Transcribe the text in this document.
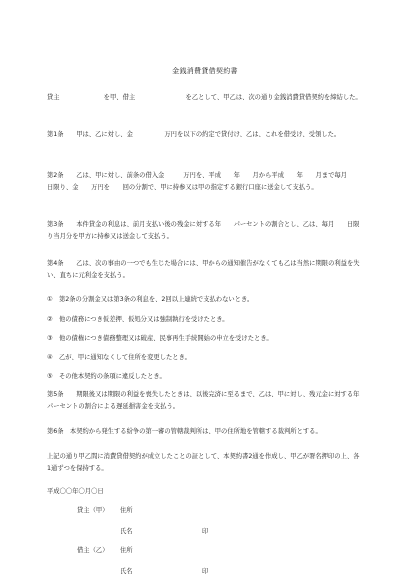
金銭消費貸借契約書
貸主　　　　　　　を甲、借主　　　　　　　　を乙として、甲乙は、次の通り金銭消費貸借契約を締結した。
第1条　　甲は、乙に対し、金　　　　　万円を以下の約定で貸付け、乙は、これを借受け、受領した。
第2条　　乙は、甲に対し、前条の借入金　　　万円を、平成　　年　　月から平成　　年　　月まで毎月　　日限り、金　　万円を　　回の分割で、甲に持参又は甲の指定する銀行口座に送金して支払う。
第3条　　本件貸金の利息は、前月支払い後の残金に対する年　　パーセントの割合とし、乙は、毎月　　日限り当月分を甲方に持参又は送金して支払う。
第4条　　乙は、次の事由の一つでも生じた場合には、甲からの通知催告がなくても乙は当然に期限の利益を失い、直ちに元利金を支払う。
①　第2条の分割金又は第3条の利息を、2回以上連続で支払わないとき。
②　他の債務につき仮差押、仮処分又は強制執行を受けたとき。
③　他の債権につき債務整理又は破産、民事再生手続開始の申立を受けたとき。
④　乙が、甲に通知なくして住所を変更したとき。
⑤　その他本契約の条項に違反したとき。
第5条　　期限後又は期限の利益を喪失したときは、以後完済に至るまで、乙は、甲に対し、残元金に対する年　　パーセントの割合による遅延損害金を支払う。
第6条　本契約から発生する紛争の第一審の管轄裁判所は、甲の住所地を管轄する裁判所とする。
上記の通り甲乙間に消費貸借契約が成立したことの証として、本契約書2通を作成し、甲乙が署名押印の上、各1通ずつを保持する。
平成〇〇年〇月〇日
貸主（甲） 住所
氏名	印
借主（乙） 住所
氏名	印
